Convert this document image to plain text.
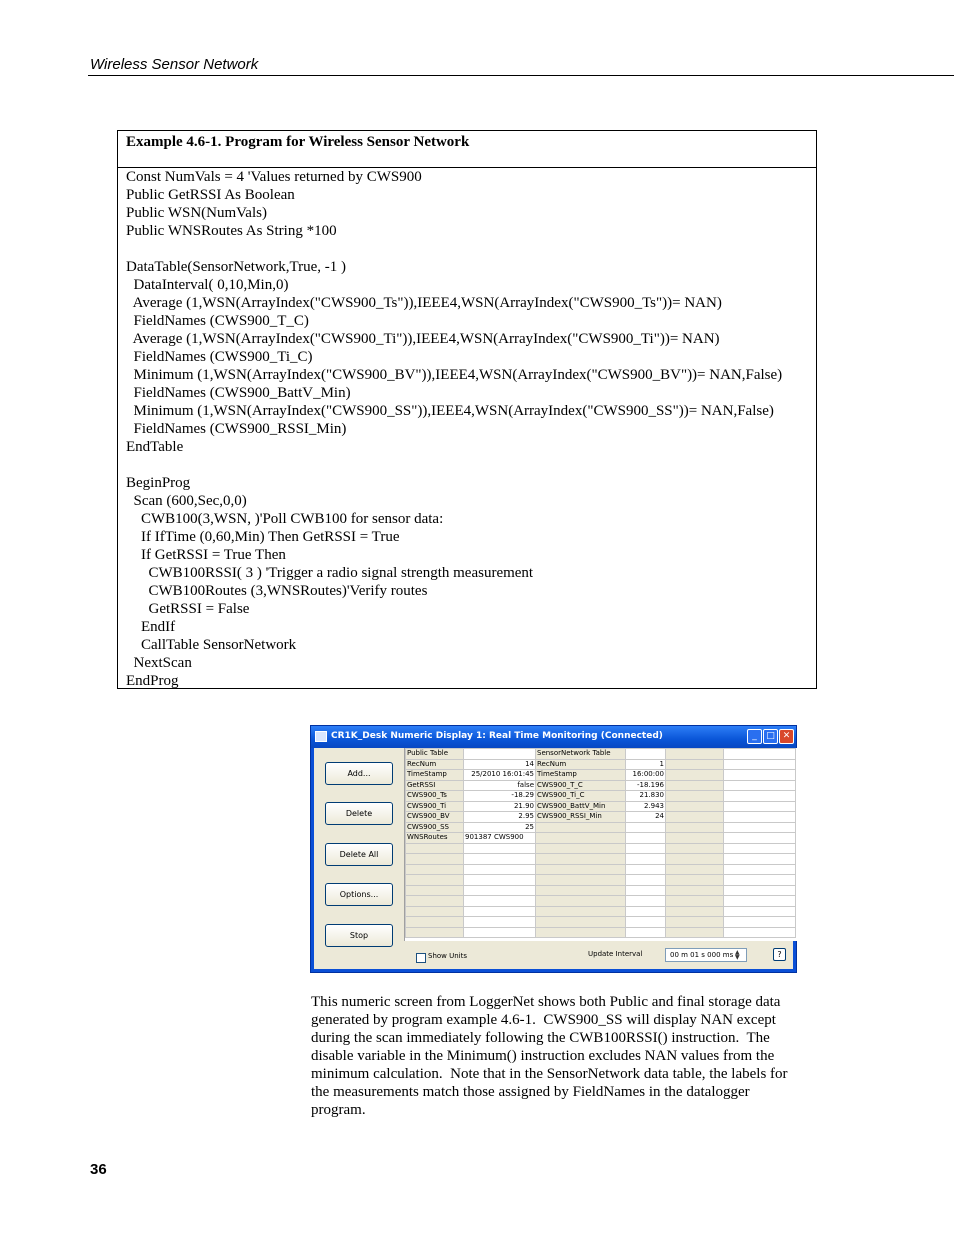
Wireless Sensor Network
Example 4.6-1. Program for Wireless Sensor Network
Const NumVals = 4 'Values returned by CWS900
Public GetRSSI As Boolean
Public WSN(NumVals)
Public WNSRoutes As String *100
DataTable(SensorNetwork,True, -1 )
DataInterval( 0,10,Min,0)
Average (1,WSN(ArrayIndex("CWS900_Ts")),IEEE4,WSN(ArrayIndex("CWS900_Ts"))= NAN)
FieldNames (CWS900_T_C)
Average (1,WSN(ArrayIndex("CWS900_Ti")),IEEE4,WSN(ArrayIndex("CWS900_Ti"))= NAN)
FieldNames (CWS900_Ti_C)
Minimum (1,WSN(ArrayIndex("CWS900_BV")),IEEE4,WSN(ArrayIndex("CWS900_BV"))= NAN,False)
FieldNames (CWS900_BattV_Min)
Minimum (1,WSN(ArrayIndex("CWS900_SS")),IEEE4,WSN(ArrayIndex("CWS900_SS"))= NAN,False)
FieldNames (CWS900_RSSI_Min)
EndTable
BeginProg
Scan (600,Sec,0,0)
CWB100(3,WSN, )'Poll CWB100 for sensor data:
If IfTime (0,60,Min) Then GetRSSI = True
If GetRSSI = True Then
CWB100RSSI( 3 ) 'Trigger a radio signal strength measurement
CWB100Routes (3,WNSRoutes)'Verify routes
GetRSSI = False
EndIf
CallTable SensorNetwork
NextScan
EndProg
CR1K_Desk Numeric Display 1: Real Time Monitoring (Connected)	_	□ ✕
Add...
Delete
Delete All
Options...
Stop
Public Table		SensorNetwork Table			
RecNum	14	RecNum	1		
TimeStamp	25/2010 16:01:45	TimeStamp	16:00:00		
GetRSSI	false	CWS900_T_C	-18.196		
CWS900_Ts	-18.29	CWS900_Ti_C	21.830		
CWS900_Ti	21.90	CWS900_BattV_Min	2.943		
CWS900_BV	2.95	CWS900_RSSI_Min	24		
CWS900_SS	25				
WNSRoutes	901387 CWS900				

Show Units	Update Interval	00 m 01 s 000 ms ▲
▼	?
This numeric screen from LoggerNet shows both Public and final storage data
generated by program example 4.6-1.  CWS900_SS will display NAN except
during the scan immediately following the CWB100RSSI() instruction.  The
disable variable in the Minimum() instruction excludes NAN values from the
minimum calculation.  Note that in the SensorNetwork data table, the labels for
the measurements match those assigned by FieldNames in the datalogger
program.
36
